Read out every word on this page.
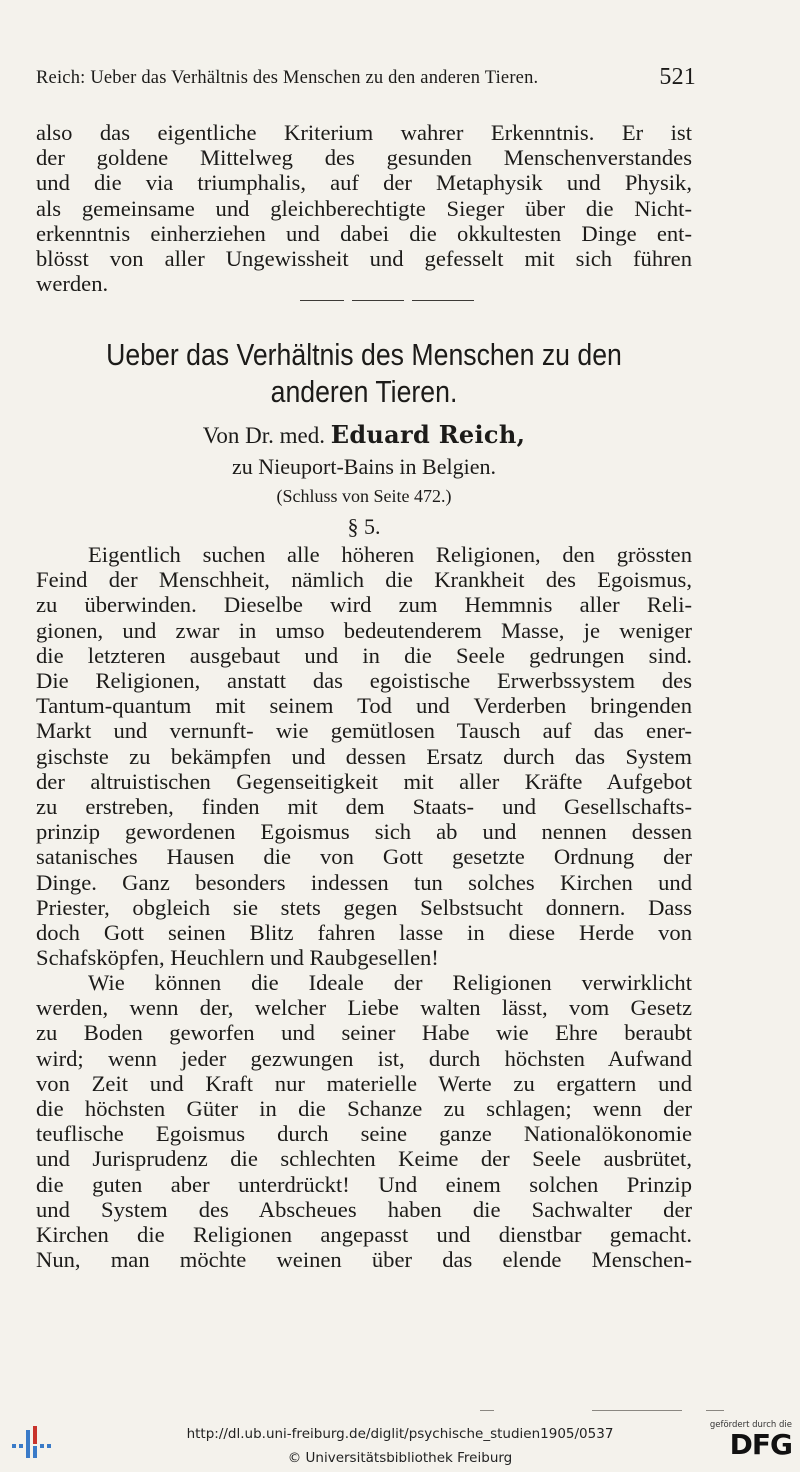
Reich: Ueber das Verhältnis des Menschen zu den anderen Tieren.	521
also das eigentliche Kriterium wahrer Erkenntnis. Er ist
der goldene Mittelweg des gesunden Menschenverstandes
und die via triumphalis, auf der Metaphysik und Physik,
als gemeinsame und gleichberechtigte Sieger über die Nicht-
erkenntnis einherziehen und dabei die okkultesten Dinge ent-
blösst von aller Ungewissheit und gefesselt mit sich führen
werden.
Ueber das Verhältnis des Menschen zu den
anderen Tieren.
Von Dr. med. Eduard Reich,
zu Nieuport-Bains in Belgien.
(Schluss von Seite 472.)
§ 5.
Eigentlich suchen alle höheren Religionen, den grössten
Feind der Menschheit, nämlich die Krankheit des Egoismus,
zu überwinden. Dieselbe wird zum Hemmnis aller Reli-
gionen, und zwar in umso bedeutenderem Masse, je weniger
die letzteren ausgebaut und in die Seele gedrungen sind.
Die Religionen, anstatt das egoistische Erwerbssystem des
Tantum-quantum mit seinem Tod und Verderben bringenden
Markt und vernunft- wie gemütlosen Tausch auf das ener-
gischste zu bekämpfen und dessen Ersatz durch das System
der altruistischen Gegenseitigkeit mit aller Kräfte Aufgebot
zu erstreben, finden mit dem Staats- und Gesellschafts-
prinzip gewordenen Egoismus sich ab und nennen dessen
satanisches Hausen die von Gott gesetzte Ordnung der
Dinge. Ganz besonders indessen tun solches Kirchen und
Priester, obgleich sie stets gegen Selbstsucht donnern. Dass
doch Gott seinen Blitz fahren lasse in diese Herde von
Schafsköpfen, Heuchlern und Raubgesellen!
Wie können die Ideale der Religionen verwirklicht
werden, wenn der, welcher Liebe walten lässt, vom Gesetz
zu Boden geworfen und seiner Habe wie Ehre beraubt
wird; wenn jeder gezwungen ist, durch höchsten Aufwand
von Zeit und Kraft nur materielle Werte zu ergattern und
die höchsten Güter in die Schanze zu schlagen; wenn der
teuflische Egoismus durch seine ganze Nationalökonomie
und Jurisprudenz die schlechten Keime der Seele ausbrütet,
die guten aber unterdrückt! Und einem solchen Prinzip
und System des Abscheues haben die Sachwalter der
Kirchen die Religionen angepasst und dienstbar gemacht.
Nun, man möchte weinen über das elende Menschen-
http://dl.ub.uni-freiburg.de/diglit/psychische_studien1905/0537
© Universitätsbibliothek Freiburg
gefördert durch die
DFG
